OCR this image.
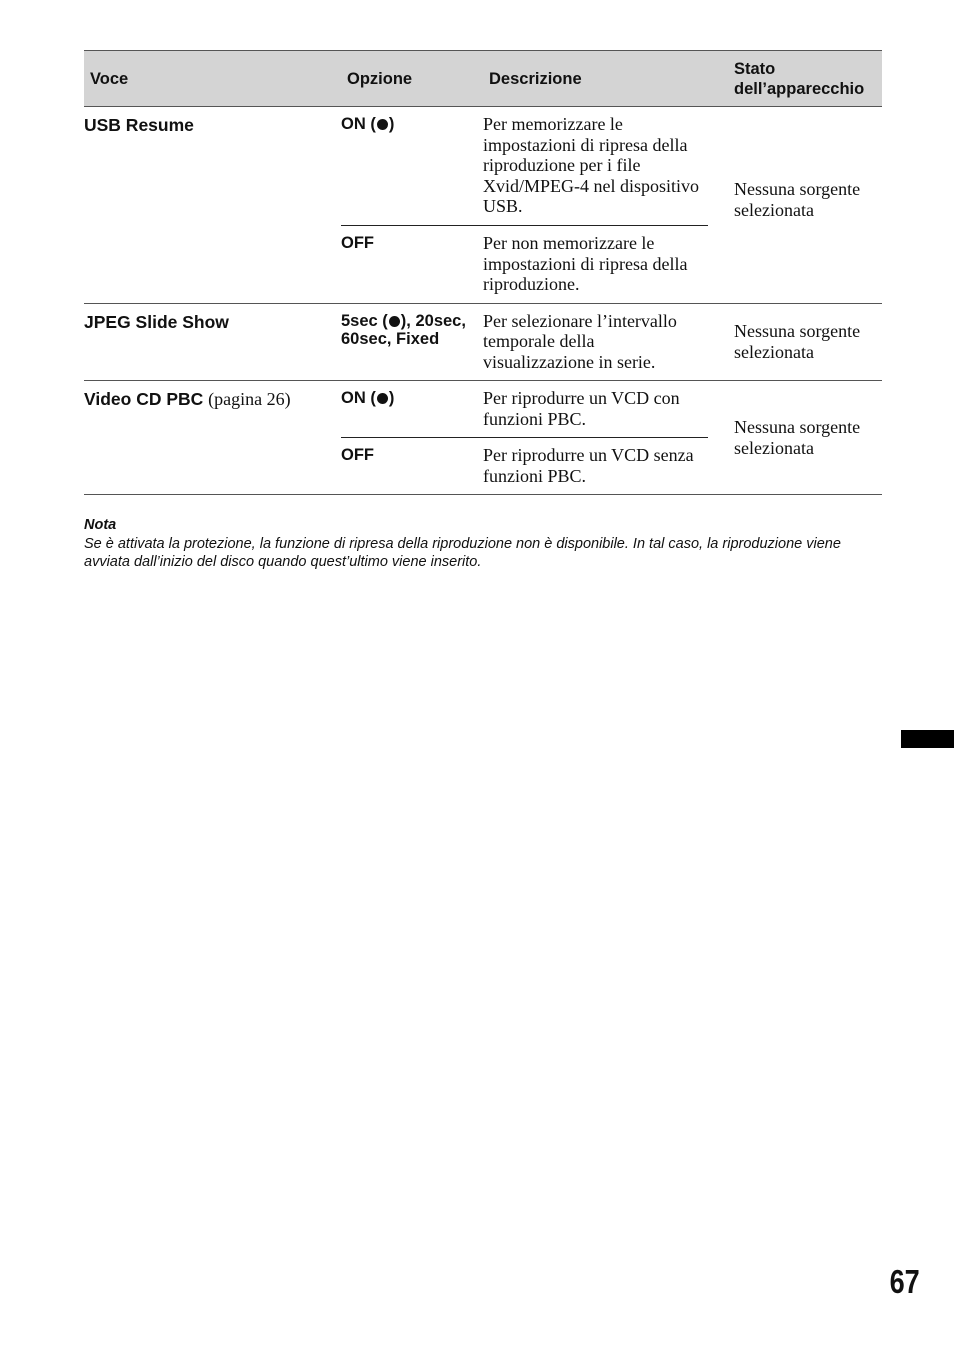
Voce	Opzione	Descrizione	Stato dell’apparecchio
USB Resume	ON ( )	Per memorizzare le impostazioni di ripresa della riproduzione per i file Xvid/MPEG-4 nel dispositivo USB.	Nessuna sorgente selezionata
	OFF	Per non memorizzare le impostazioni di ripresa della riproduzione.	
JPEG Slide Show	5sec ( ), 20sec, 60sec, Fixed	Per selezionare l’intervallo temporale della visualizzazione in serie.	Nessuna sorgente selezionata
Video CD PBC (pagina 26)	ON ( )	Per riprodurre un VCD con funzioni PBC.	Nessuna sorgente selezionata
	OFF	Per riprodurre un VCD senza funzioni PBC.	
Nota
Se è attivata la protezione, la funzione di ripresa della riproduzione non è disponibile. In tal caso, la riproduzione viene avviata dall’inizio del disco quando quest’ultimo viene inserito.
67
